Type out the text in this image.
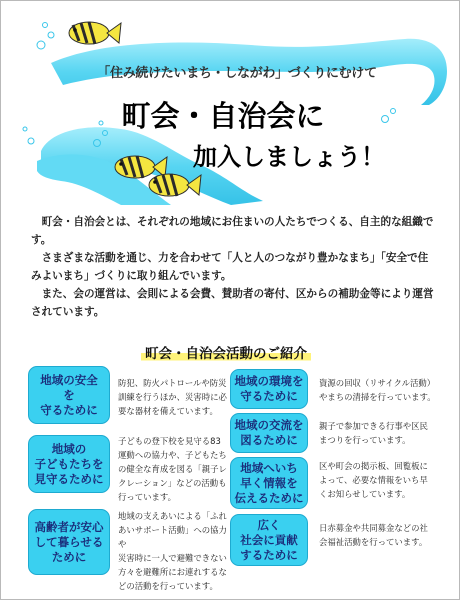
「住み続けたいまち・しながわ」づくりにむけて
町会・自治会に
加入しましょう！

町会・自治会とは、それぞれの地域にお住まいの人たちでつくる、自主的な組織です。

さまざまな活動を通じ、力を合わせて「人と人のつながり豊かなまち」「安全で住みよいまち」づくりに取り組んでいます。

また、会の運営は、会則による会費、賛助者の寄付、区からの補助金等により運営されています。

町会・自治会活動のご紹介
地域の安全
を
守るために
防犯、防火パトロールや防災
訓練を行うほか、災害時に必
要な器材を備えています。
地域の
子どもたちを
見守るために
子どもの登下校を見守る83
運動への協力や、子どもたち
の健全な育成を図る「親子レ
クレーション」などの活動も
行っています。
高齢者が安心
して暮らせる
ために
地域の支えあいによる「ふれ
あいサポート活動」への協力や
災害時に一人で避難できない
方々を避難所にお連れするな
どの活動を行っています。
地域の環境を
守るために
資源の回収（リサイクル活動）
やまちの清掃を行っています。
地域の交流を
図るために
親子で参加できる行事や区民
まつりを行っています。
地域へいち
早く情報を
伝えるために
区や町会の掲示板、回覧板に
よって、必要な情報をいち早
くお知らせしています。
広く
社会に貢献
するために
日赤募金や共同募金などの社
会福祉活動を行っています。
